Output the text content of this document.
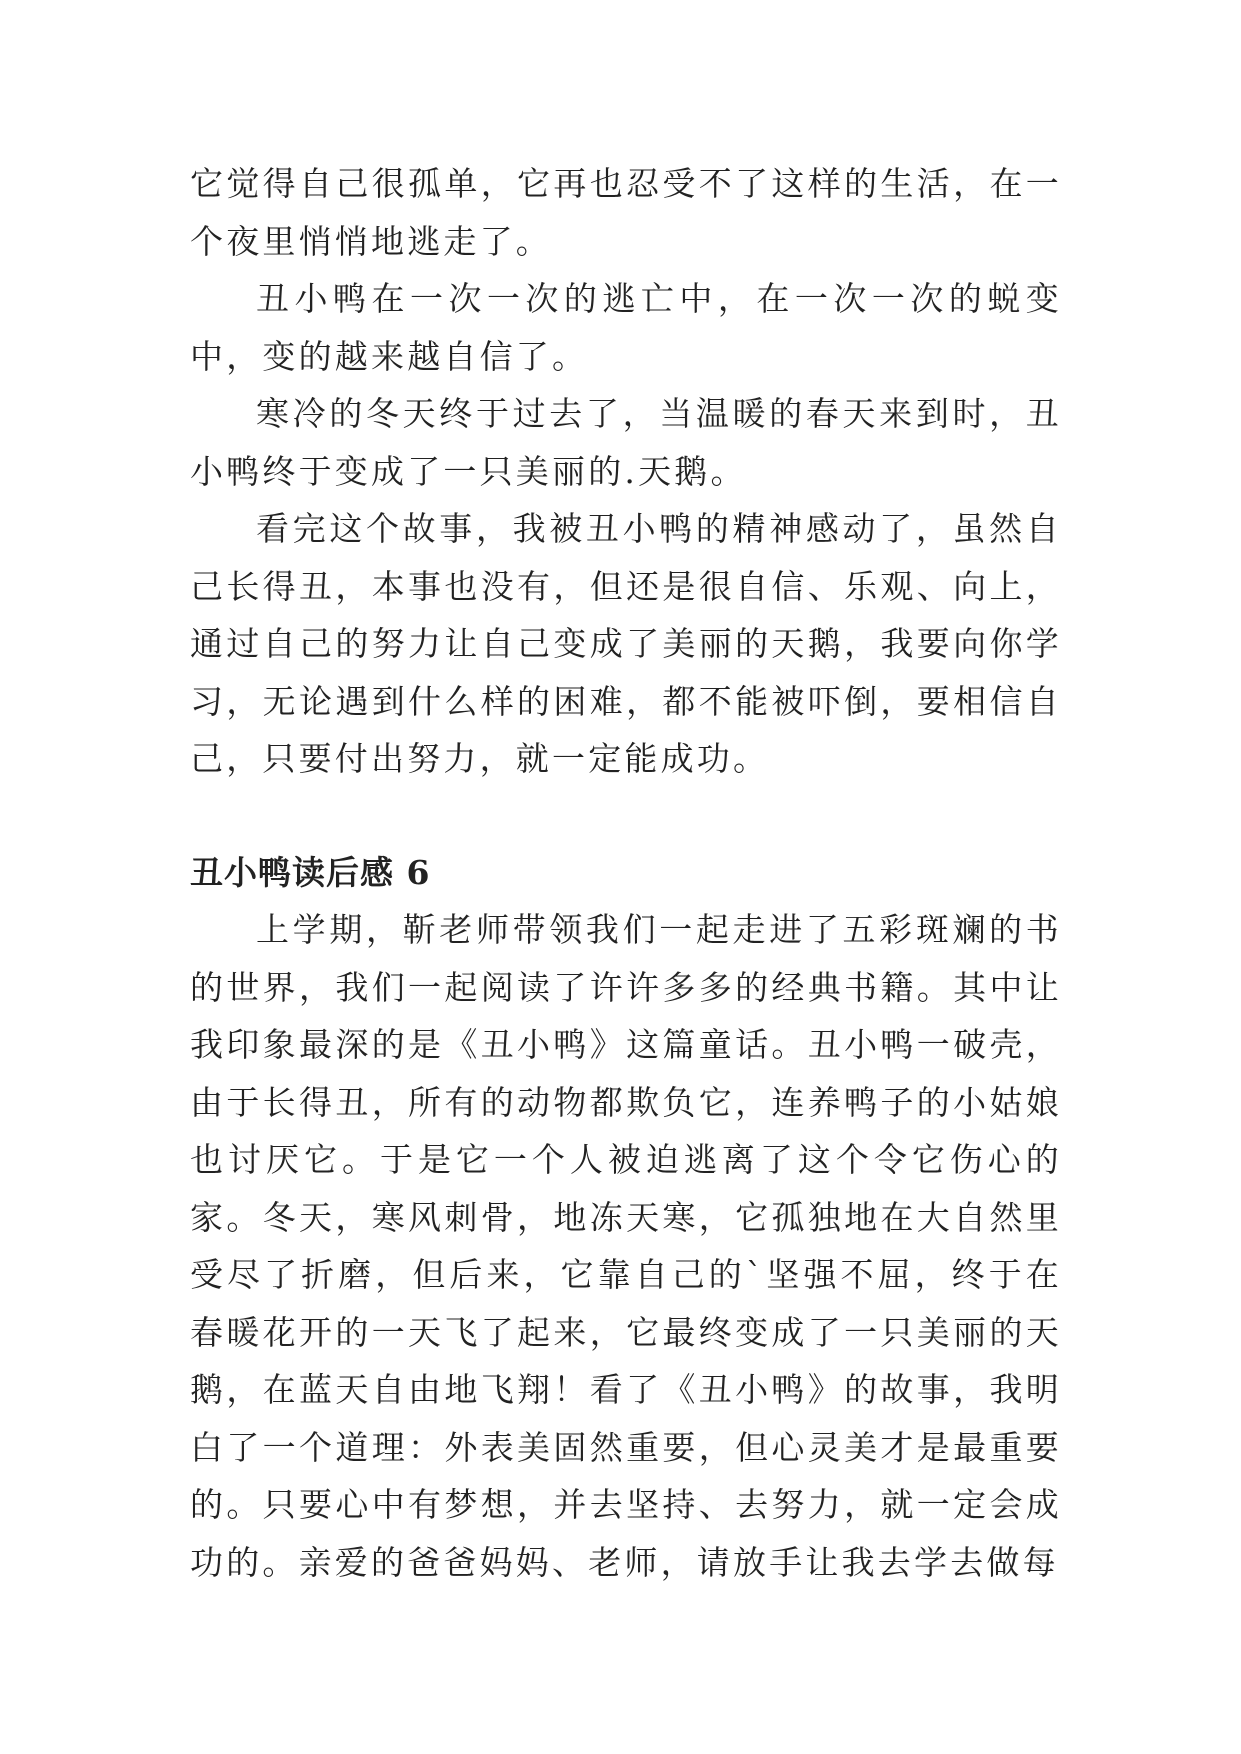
它觉得自己很孤单，它再也忍受不了这样的生活，在一个夜里悄悄地逃走了。

丑小鸭在一次一次的逃亡中，在一次一次的蜕变中，变的越来越自信了。

寒冷的冬天终于过去了，当温暖的春天来到时，丑小鸭终于变成了一只美丽的.天鹅。

看完这个故事，我被丑小鸭的精神感动了，虽然自己长得丑，本事也没有，但还是很自信、乐观、向上，通过自己的努力让自己变成了美丽的天鹅，我要向你学习，无论遇到什么样的困难，都不能被吓倒，要相信自己，只要付出努力，就一定能成功。

丑小鸭读后感 6

上学期，靳老师带领我们一起走进了五彩斑斓的书的世界，我们一起阅读了许许多多的经典书籍。其中让我印象最深的是《丑小鸭》这篇童话。丑小鸭一破壳，由于长得丑，所有的动物都欺负它，连养鸭子的小姑娘也讨厌它。于是它一个人被迫逃离了这个令它伤心的家。冬天，寒风刺骨，地冻天寒，它孤独地在大自然里受尽了折磨，但后来，它靠自己的`坚强不屈，终于在春暖花开的一天飞了起来，它最终变成了一只美丽的天鹅，在蓝天自由地飞翔！看了《丑小鸭》的故事，我明白了一个道理：外表美固然重要，但心灵美才是最重要的。只要心中有梦想，并去坚持、去努力，就一定会成功的。亲爱的爸爸妈妈、老师，请放手让我去学去做每
